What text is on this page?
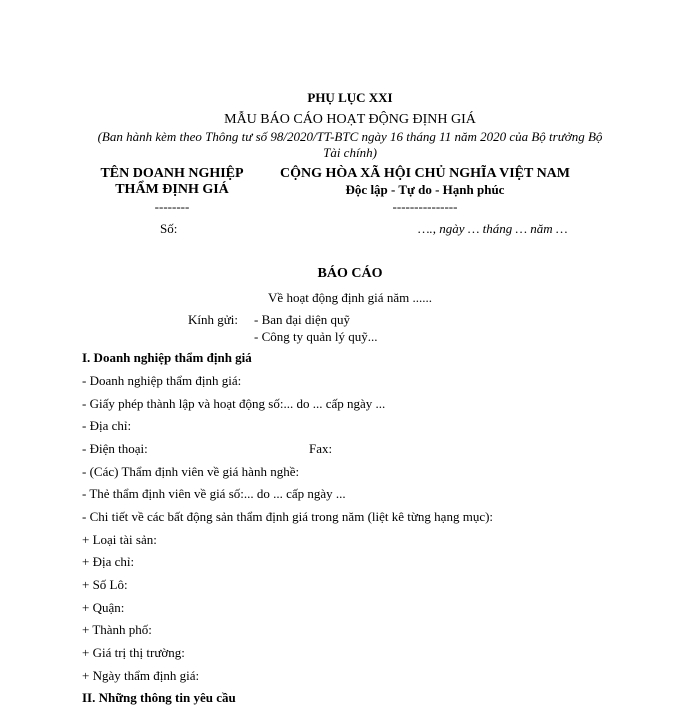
PHỤ LỤC XXI
MẪU BÁO CÁO HOẠT ĐỘNG ĐỊNH GIÁ
(Ban hành kèm theo Thông tư số 98/2020/TT-BTC ngày 16 tháng 11 năm 2020 của Bộ trưởng Bộ
Tài chính)
TÊN DOANH NGHIỆP
THẨM ĐỊNH GIÁ
--------
Số:
CỘNG HÒA XÃ HỘI CHỦ NGHĨA VIỆT NAM
Độc lập - Tự do - Hạnh phúc
---------------
…., ngày … tháng … năm …
BÁO CÁO
Về hoạt động định giá năm ......
Kính gửi: - Ban đại diện quỹ
- Công ty quản lý quỹ...
I. Doanh nghiệp thẩm định giá
- Doanh nghiệp thẩm định giá:
- Giấy phép thành lập và hoạt động số:... do ... cấp ngày ...
- Địa chỉ:
- Điện thoại:	Fax:
- (Các) Thẩm định viên về giá hành nghề:
- Thẻ thẩm định viên về giá số:... do ... cấp ngày ...
- Chi tiết về các bất động sản thẩm định giá trong năm (liệt kê từng hạng mục):
+ Loại tài sản:
+ Địa chỉ:
+ Số Lô:
+ Quận:
+ Thành phố:
+ Giá trị thị trường:
+ Ngày thẩm định giá:
II. Những thông tin yêu cầu
